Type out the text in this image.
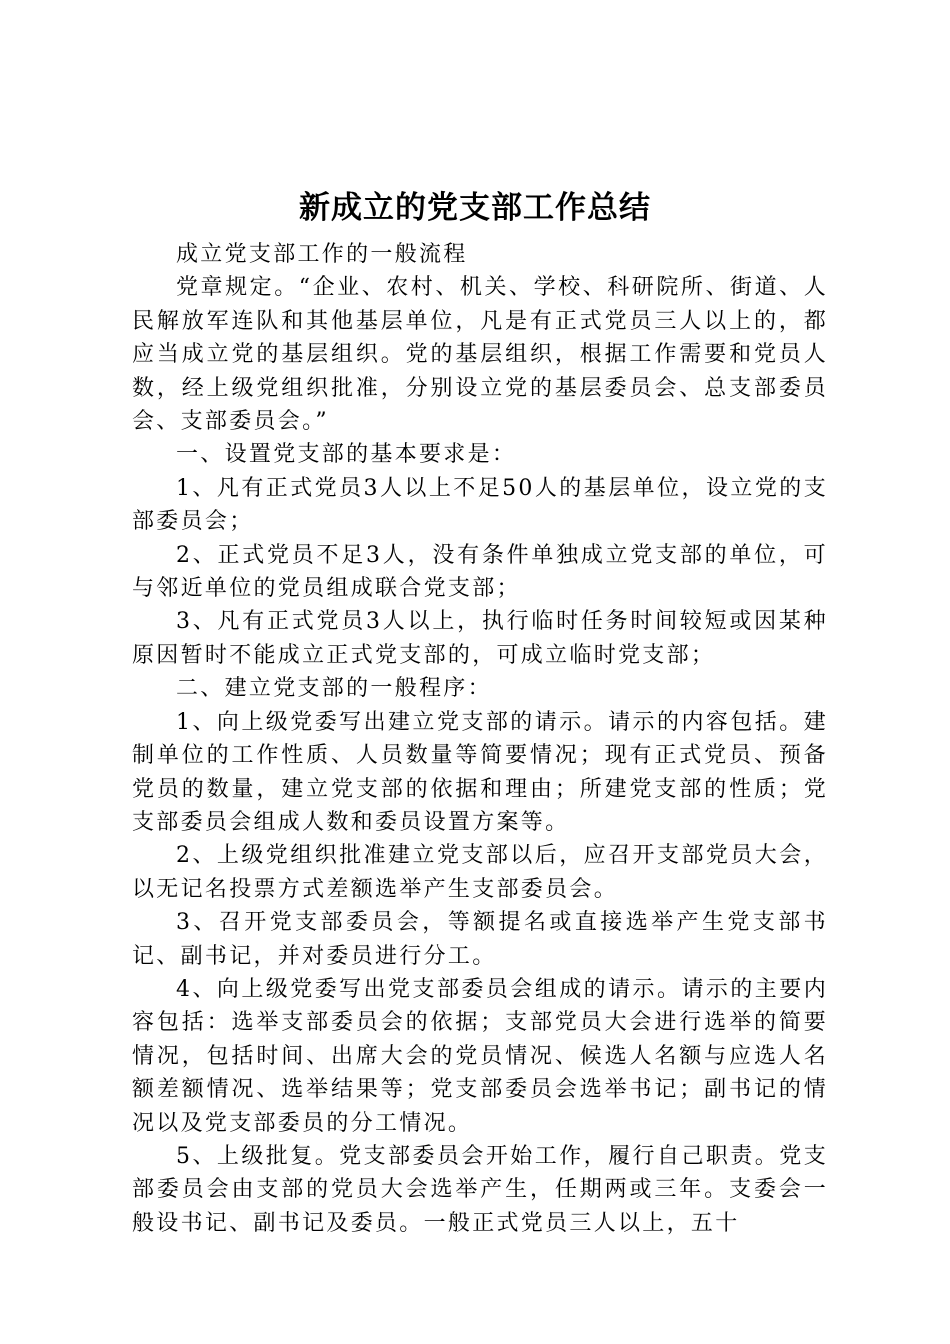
新成立的党支部工作总结

成立党支部工作的一般流程

党章规定。“企业、农村、机关、学校、科研院所、街道、人民解放军连队和其他基层单位，凡是有正式党员三人以上的，都应当成立党的基层组织。党的基层组织，根据工作需要和党员人数，经上级党组织批准，分别设立党的基层委员会、总支部委员会、支部委员会。”

一、设置党支部的基本要求是：

1、凡有正式党员3人以上不足50人的基层单位，设立党的支部委员会；

2、正式党员不足3人，没有条件单独成立党支部的单位，可与邻近单位的党员组成联合党支部；

3、凡有正式党员3人以上，执行临时任务时间较短或因某种原因暂时不能成立正式党支部的，可成立临时党支部；

二、建立党支部的一般程序：

1、向上级党委写出建立党支部的请示。请示的内容包括。建制单位的工作性质、人员数量等简要情况；现有正式党员、预备党员的数量，建立党支部的依据和理由；所建党支部的性质；党支部委员会组成人数和委员设置方案等。

2、上级党组织批准建立党支部以后，应召开支部党员大会，以无记名投票方式差额选举产生支部委员会。

3、召开党支部委员会，等额提名或直接选举产生党支部书记、副书记，并对委员进行分工。

4、向上级党委写出党支部委员会组成的请示。请示的主要内容包括：选举支部委员会的依据；支部党员大会进行选举的简要情况，包括时间、出席大会的党员情况、候选人名额与应选人名额差额情况、选举结果等；党支部委员会选举书记；副书记的情况以及党支部委员的分工情况。

5、上级批复。党支部委员会开始工作，履行自己职责。党支部委员会由支部的党员大会选举产生，任期两或三年。支委会一般设书记、副书记及委员。一般正式党员三人以上，五十
